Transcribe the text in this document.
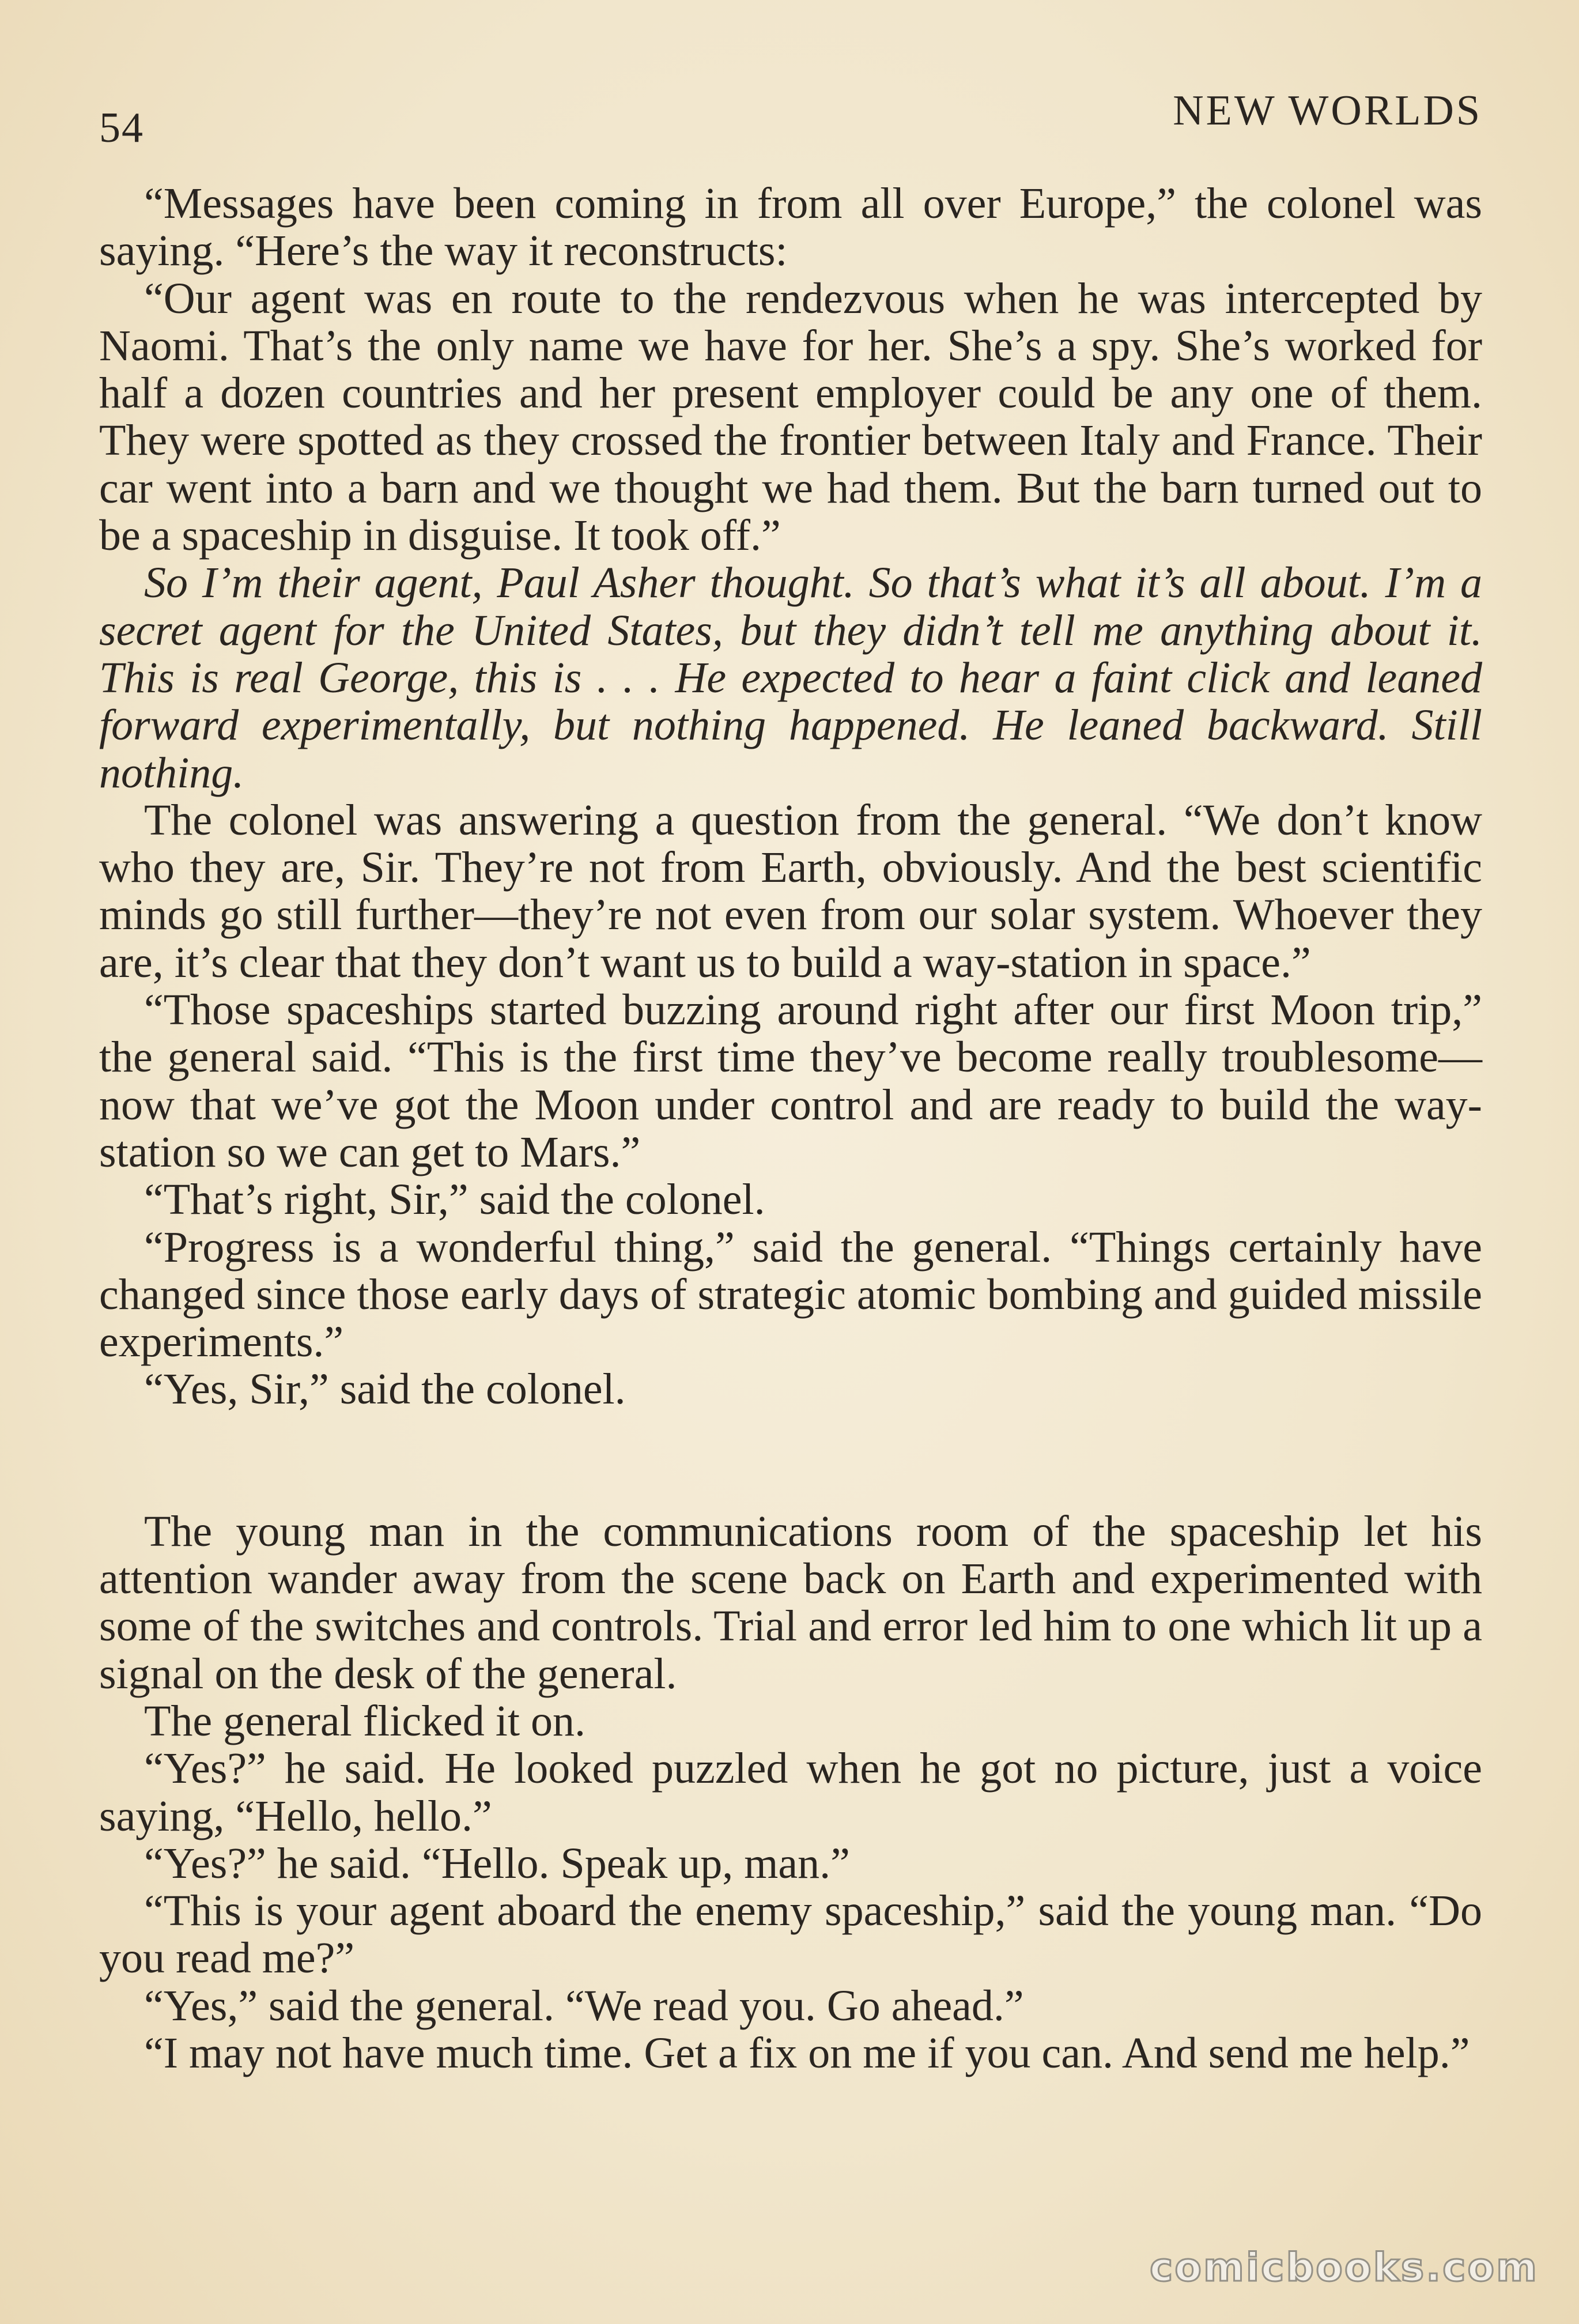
54	NEW WORLDS

“Messages have been coming in from all over Europe,” the colonel was saying. “Here’s the way it reconstructs:

“Our agent was en route to the rendezvous when he was intercepted by Naomi. That’s the only name we have for her. She’s a spy. She’s worked for half a dozen countries and her present employer could be any one of them. They were spotted as they crossed the frontier between Italy and France. Their car went into a barn and we thought we had them. But the barn turned out to be a spaceship in disguise. It took off.”

So I’m their agent, Paul Asher thought. So that’s what it’s all about. I’m a secret agent for the United States, but they didn’t tell me anything about it. This is real George, this is . . . He expected to hear a faint click and leaned forward experimentally, but nothing happened. He leaned backward. Still nothing.

The colonel was answering a question from the general. “We don’t know who they are, Sir. They’re not from Earth, obviously. And the best scientific minds go still further—they’re not even from our solar system. Whoever they are, it’s clear that they don’t want us to build a way-station in space.”

“Those spaceships started buzzing around right after our first Moon trip,” the general said. “This is the first time they’ve become really troublesome—now that we’ve got the Moon under control and are ready to build the way-station so we can get to Mars.”

“That’s right, Sir,” said the colonel.

“Progress is a wonderful thing,” said the general. “Things certainly have changed since those early days of strategic atomic bombing and guided missile experiments.”

“Yes, Sir,” said the colonel.

The young man in the communications room of the spaceship let his attention wander away from the scene back on Earth and experimented with some of the switches and controls. Trial and error led him to one which lit up a signal on the desk of the general.

The general flicked it on.

“Yes?” he said. He looked puzzled when he got no picture, just a voice saying, “Hello, hello.”

“Yes?” he said. “Hello. Speak up, man.”

“This is your agent aboard the enemy spaceship,” said the young man. “Do you read me?”

“Yes,” said the general. “We read you. Go ahead.”

“I may not have much time. Get a fix on me if you can. And send me help.”

comicbooks.com
